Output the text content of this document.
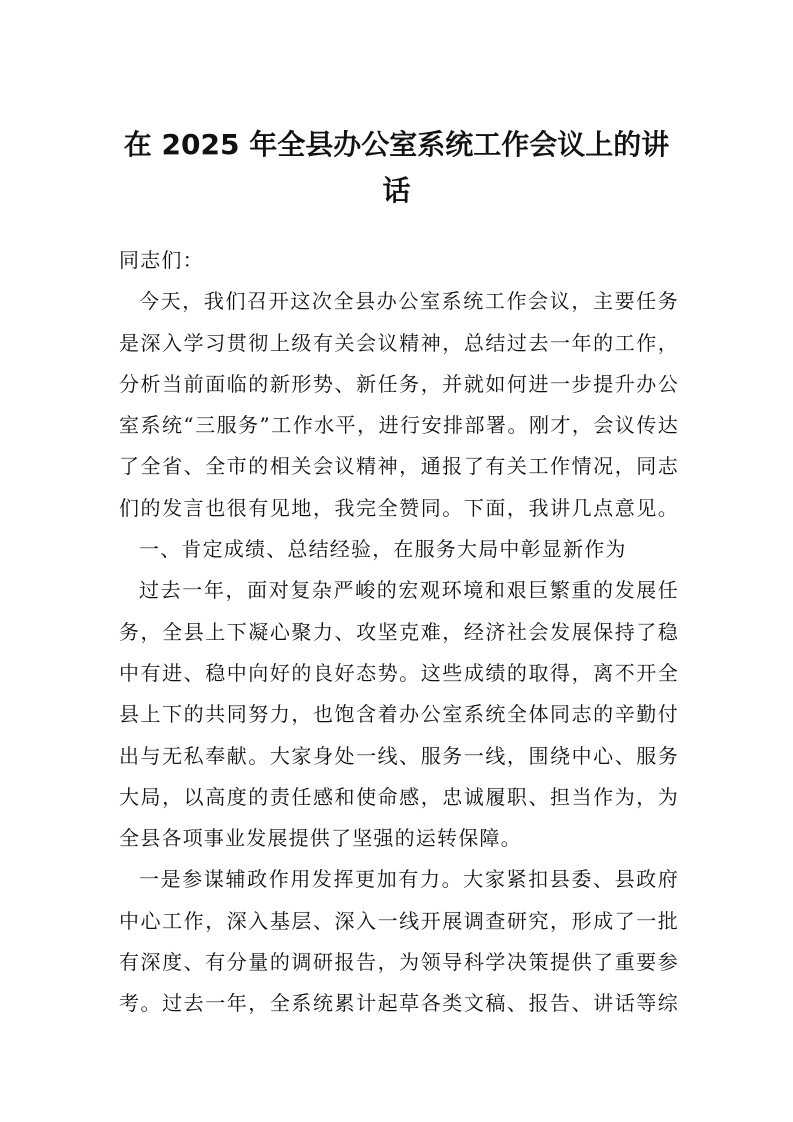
在 2025 年全县办公室系统工作会议上的讲
话
同志们：
今天，我们召开这次全县办公室系统工作会议，主要任务
是深入学习贯彻上级有关会议精神，总结过去一年的工作，
分析当前面临的新形势、新任务，并就如何进一步提升办公
室系统“三服务”工作水平，进行安排部署。刚才，会议传达
了全省、全市的相关会议精神，通报了有关工作情况，同志
们的发言也很有见地，我完全赞同。下面，我讲几点意见。
一、肯定成绩、总结经验，在服务大局中彰显新作为
过去一年，面对复杂严峻的宏观环境和艰巨繁重的发展任
务，全县上下凝心聚力、攻坚克难，经济社会发展保持了稳
中有进、稳中向好的良好态势。这些成绩的取得，离不开全
县上下的共同努力，也饱含着办公室系统全体同志的辛勤付
出与无私奉献。大家身处一线、服务一线，围绕中心、服务
大局，以高度的责任感和使命感，忠诚履职、担当作为，为
全县各项事业发展提供了坚强的运转保障。
一是参谋辅政作用发挥更加有力。大家紧扣县委、县政府
中心工作，深入基层、深入一线开展调查研究，形成了一批
有深度、有分量的调研报告，为领导科学决策提供了重要参
考。过去一年，全系统累计起草各类文稿、报告、讲话等综
